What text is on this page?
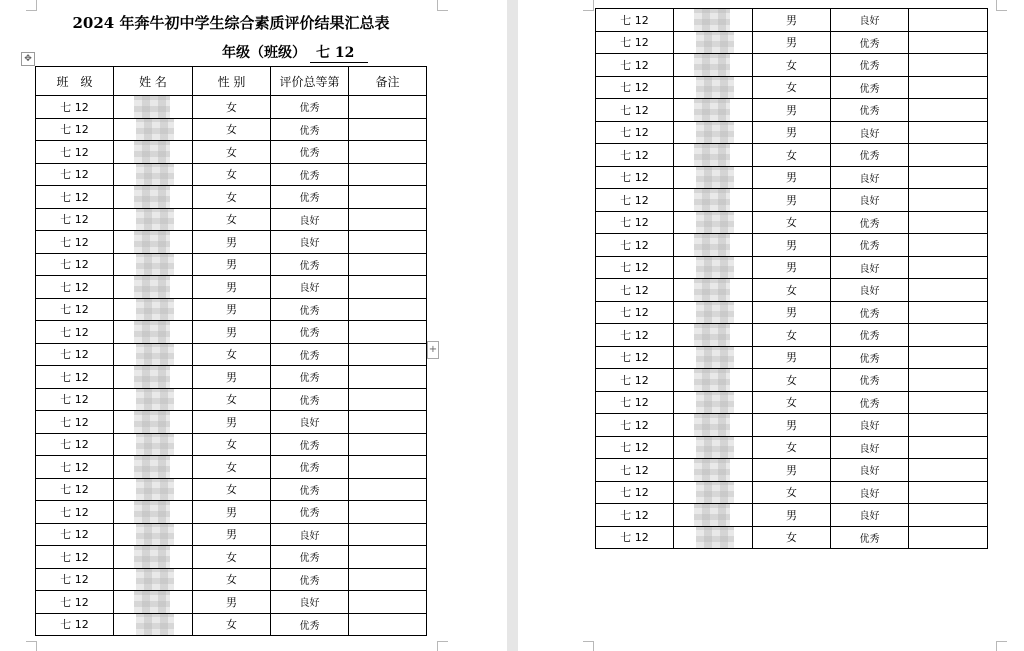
2024 年奔牛初中学生综合素质评价结果汇总表
年级（班级） 七 12
✥
+
班　级	姓 名	性 别	评价总等第	备注
七 12		女	优秀	
七 12		女	优秀	
七 12		女	优秀	
七 12		女	优秀	
七 12		女	优秀	
七 12		女	良好	
七 12		男	良好	
七 12		男	优秀	
七 12		男	良好	
七 12		男	优秀	
七 12		男	优秀	
七 12		女	优秀	
七 12		男	优秀	
七 12		女	优秀	
七 12		男	良好	
七 12		女	优秀	
七 12		女	优秀	
七 12		女	优秀	
七 12		男	优秀	
七 12		男	良好	
七 12		女	优秀	
七 12		女	优秀	
七 12		男	良好	
七 12		女	优秀	
七 12		男	良好	
七 12		男	优秀	
七 12		女	优秀	
七 12		女	优秀	
七 12		男	优秀	
七 12		男	良好	
七 12		女	优秀	
七 12		男	良好	
七 12		男	良好	
七 12		女	优秀	
七 12		男	优秀	
七 12		男	良好	
七 12		女	良好	
七 12		男	优秀	
七 12		女	优秀	
七 12		男	优秀	
七 12		女	优秀	
七 12		女	优秀	
七 12		男	良好	
七 12		女	良好	
七 12		男	良好	
七 12		女	良好	
七 12		男	良好	
七 12		女	优秀	
